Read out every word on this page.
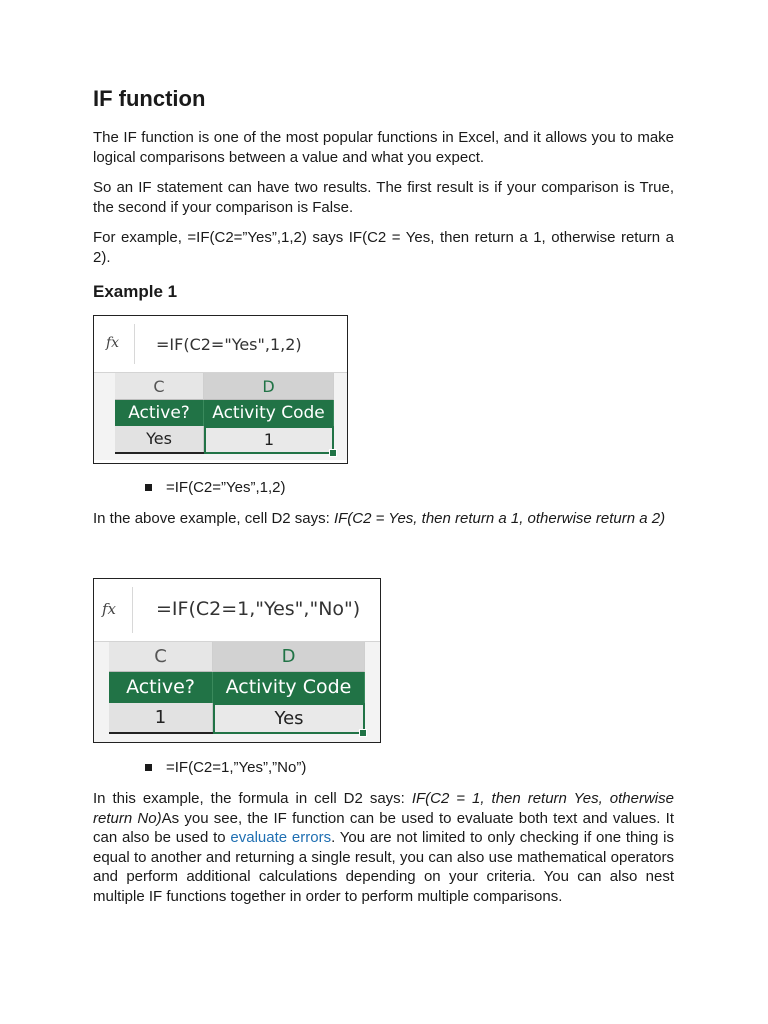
IF function

The IF function is one of the most popular functions in Excel, and it allows you to make logical comparisons between a value and what you expect.

So an IF statement can have two results. The first result is if your comparison is True, the second if your comparison is False.

For example, =IF(C2=”Yes”,1,2) says IF(C2 = Yes, then return a 1, otherwise return a 2).

Example 1
fx =IF(C2="Yes",1,2)
C	D
Active?	Activity Code
Yes	1
=IF(C2=”Yes”,1,2)

In the above example, cell D2 says: IF(C2 = Yes, then return a 1, otherwise return a 2)

fx =IF(C2=1,"Yes","No")
C	D
Active?	Activity Code
1	Yes
=IF(C2=1,”Yes”,”No”)

In this example, the formula in cell D2 says: IF(C2 = 1, then return Yes, otherwise return No)As you see, the IF function can be used to evaluate both text and values. It can also be used to evaluate errors. You are not limited to only checking if one thing is equal to another and returning a single result, you can also use mathematical operators and perform additional calculations depending on your criteria. You can also nest multiple IF functions together in order to perform multiple comparisons.
